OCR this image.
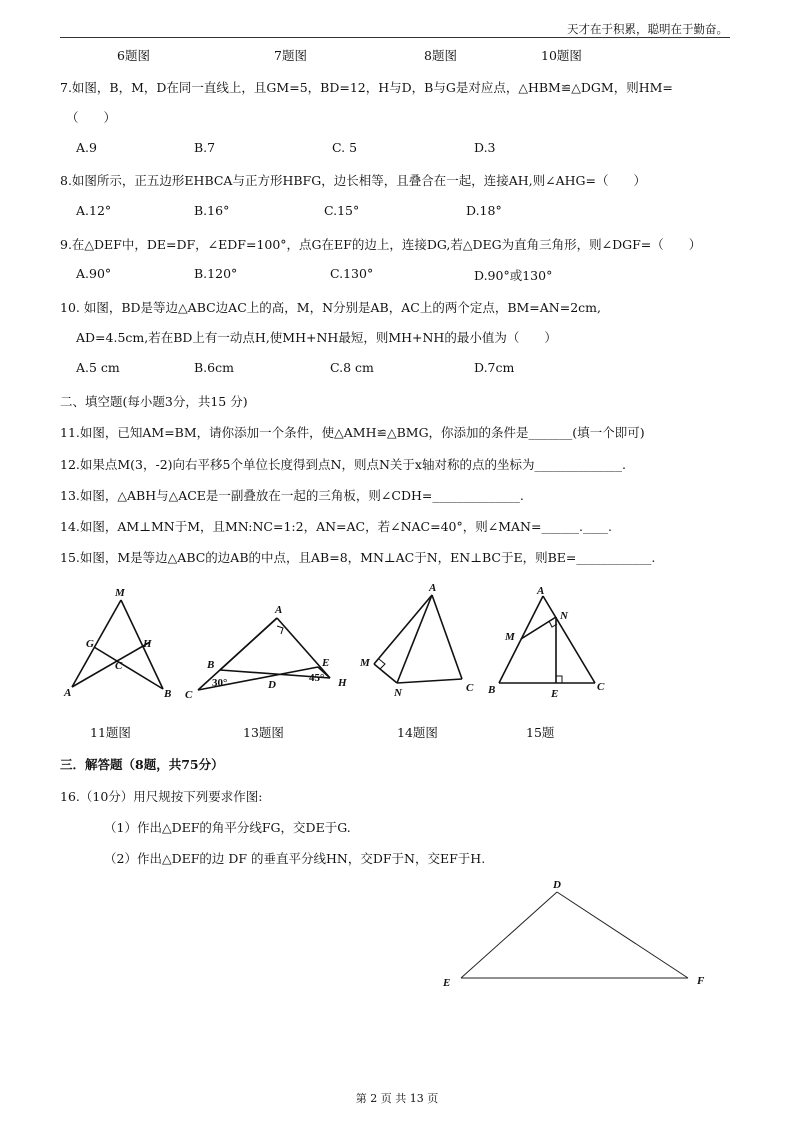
天才在于积累，聪明在于勤奋。
6题图	7题图	8题图	10题图
7.如图，B，M，D在同一直线上，且GM=5，BD=12，H与D，B与G是对应点，△HBM≌△DGM，则HM=
（　　）
A.9	B.7	C. 5	D.3
8.如图所示，正五边形EHBCA与正方形HBFG，边长相等，且叠合在一起，连接AH,则∠AHG=（　　）
A.12°	B.16°	C.15°	D.18°
9.在△DEF中，DE=DF，∠EDF=100°，点G在EF的边上，连接DG,若△DEG为直角三角形，则∠DGF=（　　）
A.90°	B.120°	C.130°	D.90°或130°
10. 如图，BD是等边△ABC边AC上的高，M，N分别是AB，AC上的两个定点，BM=AN=2cm,
AD=4.5cm,若在BD上有一动点H,使MH+NH最短，则MH+NH的最小值为（　　）
A.5 cm	B.6cm	C.8 cm	D.7cm
二、填空题(每小题3分，共15 分)
11.如图，已知AM=BM，请你添加一个条件，使△AMH≌△BMG，你添加的条件是_______(填一个即可)
12.如果点M(3，-2)向右平移5个单位长度得到点N，则点N关于x轴对称的点的坐标为______________.
13.如图，△ABH与△ACE是一副叠放在一起的三角板，则∠CDH=______________.
14.如图，AM⊥MN于M，且MN:NC=1:2，AN=AC，若∠NAC=40°，则∠MAN=______.____.
15.如图，M是等边△ABC的边AB的中点，且AB=8，MN⊥AC于N，EN⊥BC于E，则BE=____________.
M
G	H
C
A	B
A
B	E
30°	D
45°
C
H
A
M
N	C
A
N
M
B	E
C
11题图	13题图	14题图	15题
三．解答题（8题，共75分）
16.（10分）用尺规按下列要求作图:
（1）作出△DEF的角平分线FG，交DE于G.
（2）作出△DEF的边 DF 的垂直平分线HN，交DF于N，交EF于H.
D
E	F
第 2 页 共 13 页
